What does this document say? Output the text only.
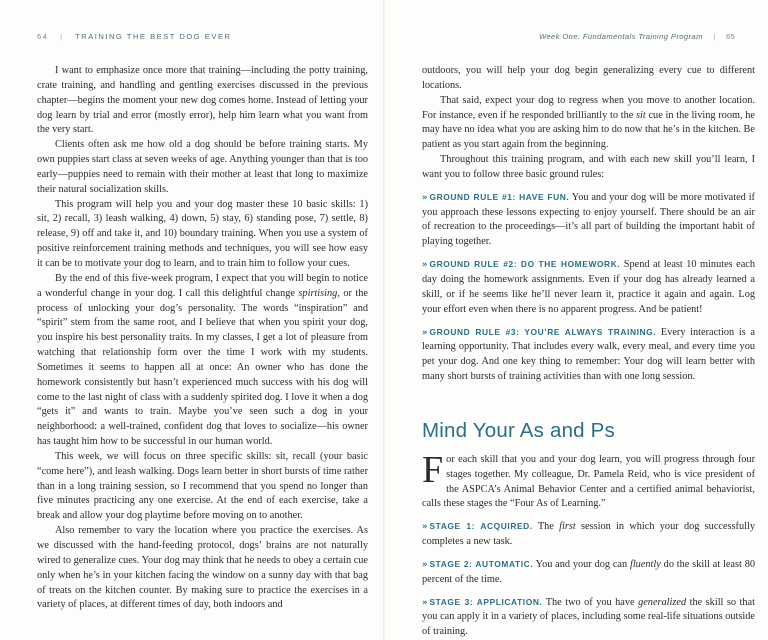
64 | TRAINING THE BEST DOG EVER	Week One: Fundamentals Training Program | 65

I want to emphasize once more that training—including the potty training, crate training, and handling and gentling exercises discussed in the previous chapter—begins the moment your new dog comes home. Instead of letting your dog learn by trial and error (mostly error), help him learn what you want from the very start.

Clients often ask me how old a dog should be before training starts. My own puppies start class at seven weeks of age. Anything younger than that is too early—puppies need to remain with their mother at least that long to maximize their natural socialization skills.

This program will help you and your dog master these 10 basic skills: 1) sit, 2) recall, 3) leash walking, 4) down, 5) stay, 6) standing pose, 7) settle, 8) release, 9) off and take it, and 10) boundary training. When you use a system of positive reinforcement training methods and techniques, you will see how easy it can be to motivate your dog to learn, and to train him to follow your cues.

By the end of this five-week program, I expect that you will begin to notice a wonderful change in your dog. I call this delightful change spirtising, or the process of unlocking your dog’s personality. The words “inspiration” and “spirit” stem from the same root, and I believe that when you spirit your dog, you inspire his best personality traits. In my classes, I get a lot of pleasure from watching that relationship form over the time I work with my students. Sometimes it seems to happen all at once: An owner who has done the homework consistently but hasn’t experienced much success with his dog will come to the last night of class with a suddenly spirited dog. I love it when a dog “gets it” and wants to train. Maybe you’ve seen such a dog in your neighborhood: a well-trained, confident dog that loves to socialize—his owner has taught him how to be successful in our human world.

This week, we will focus on three specific skills: sit, recall (your basic “come here”), and leash walking. Dogs learn better in short bursts of time rather than in a long training session, so I recommend that you spend no longer than five minutes practicing any one exercise. At the end of each exercise, take a break and allow your dog playtime before moving on to another.

Also remember to vary the location where you practice the exercises. As we discussed with the hand-feeding protocol, dogs’ brains are not naturally wired to generalize cues. Your dog may think that he needs to obey a certain cue only when he’s in your kitchen facing the window on a sunny day with that bag of treats on the kitchen counter. By making sure to practice the exercises in a variety of places, at different times of day, both indoors and

outdoors, you will help your dog begin generalizing every cue to different locations.

That said, expect your dog to regress when you move to another location. For instance, even if he responded brilliantly to the sit cue in the living room, he may have no idea what you are asking him to do now that he’s in the kitchen. Be patient as you start again from the beginning.

Throughout this training program, and with each new skill you’ll learn, I want you to follow three basic ground rules:

» GROUND RULE #1: HAVE FUN. You and your dog will be more motivated if you approach these lessons expecting to enjoy yourself. There should be an air of recreation to the proceedings—it’s all part of building the important habit of playing together.

» GROUND RULE #2: DO THE HOMEWORK. Spend at least 10 minutes each day doing the homework assignments. Even if your dog has already learned a skill, or if he seems like he’ll never learn it, practice it again and again. Log your effort even when there is no apparent progress. And be patient!

» GROUND RULE #3: YOU’RE ALWAYS TRAINING. Every interaction is a learning opportunity. That includes every walk, every meal, and every time you pet your dog. And one key thing to remember: Your dog will learn better with many short bursts of training activities than with one long session.

Mind Your As and Ps

For each skill that you and your dog learn, you will progress through four stages together. My colleague, Dr. Pamela Reid, who is vice president of the ASPCA’s Animal Behavior Center and a certified animal behaviorist, calls these stages the “Four As of Learning.”

» STAGE 1: ACQUIRED. The first session in which your dog successfully completes a new task.

» STAGE 2: AUTOMATIC. You and your dog can fluently do the skill at least 80 percent of the time.

» STAGE 3: APPLICATION. The two of you have generalized the skill so that you can apply it in a variety of places, including some real-life situations outside of training.
